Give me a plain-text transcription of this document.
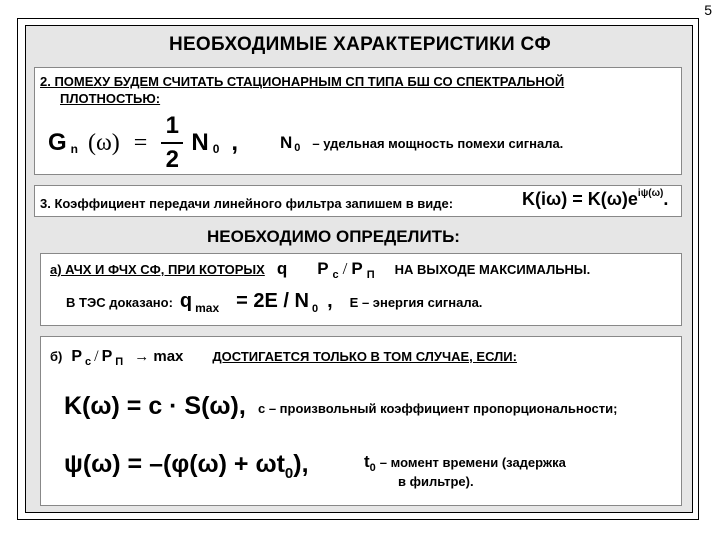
5
НЕОБХОДИМЫЕ ХАРАКТЕРИСТИКИ СФ
2. ПОМЕХУ БУДЕМ СЧИТАТЬ СТАЦИОНАРНЫМ СП ТИПА БШ СО СПЕКТРАЛЬНОЙ
ПЛОТНОСТЬЮ:
G n $(\omega) = \frac{1}{2}$ N 0 , N 0 – удельная мощность помехи сигнала.
3. Коэффициент передачи линейного фильтра запишем в виде:	$K(i\omega) = K(\omega)e^{i\psi(\omega)}$.
НЕОБХОДИМО ОПРЕДЕЛИТЬ:
а) АЧХ И ФЧХ СФ, ПРИ КОТОРЫХ q P c / P П НА ВЫХОДЕ МАКСИМАЛЬНЫ.
В ТЭС доказано: q max = 2E / N 0 , E – энергия сигнала.
б) P c / P П → max ДОСТИГАЕТСЯ ТОЛЬКО В ТОМ СЛУЧАЕ, ЕСЛИ:
K(ω) = c · S(ω), c – произвольный коэффициент пропорциональности;
$\psi(\omega) = -(\varphi(\omega) + \omega t_0)$,	t 0 – момент времени (задержка
в фильтре).
